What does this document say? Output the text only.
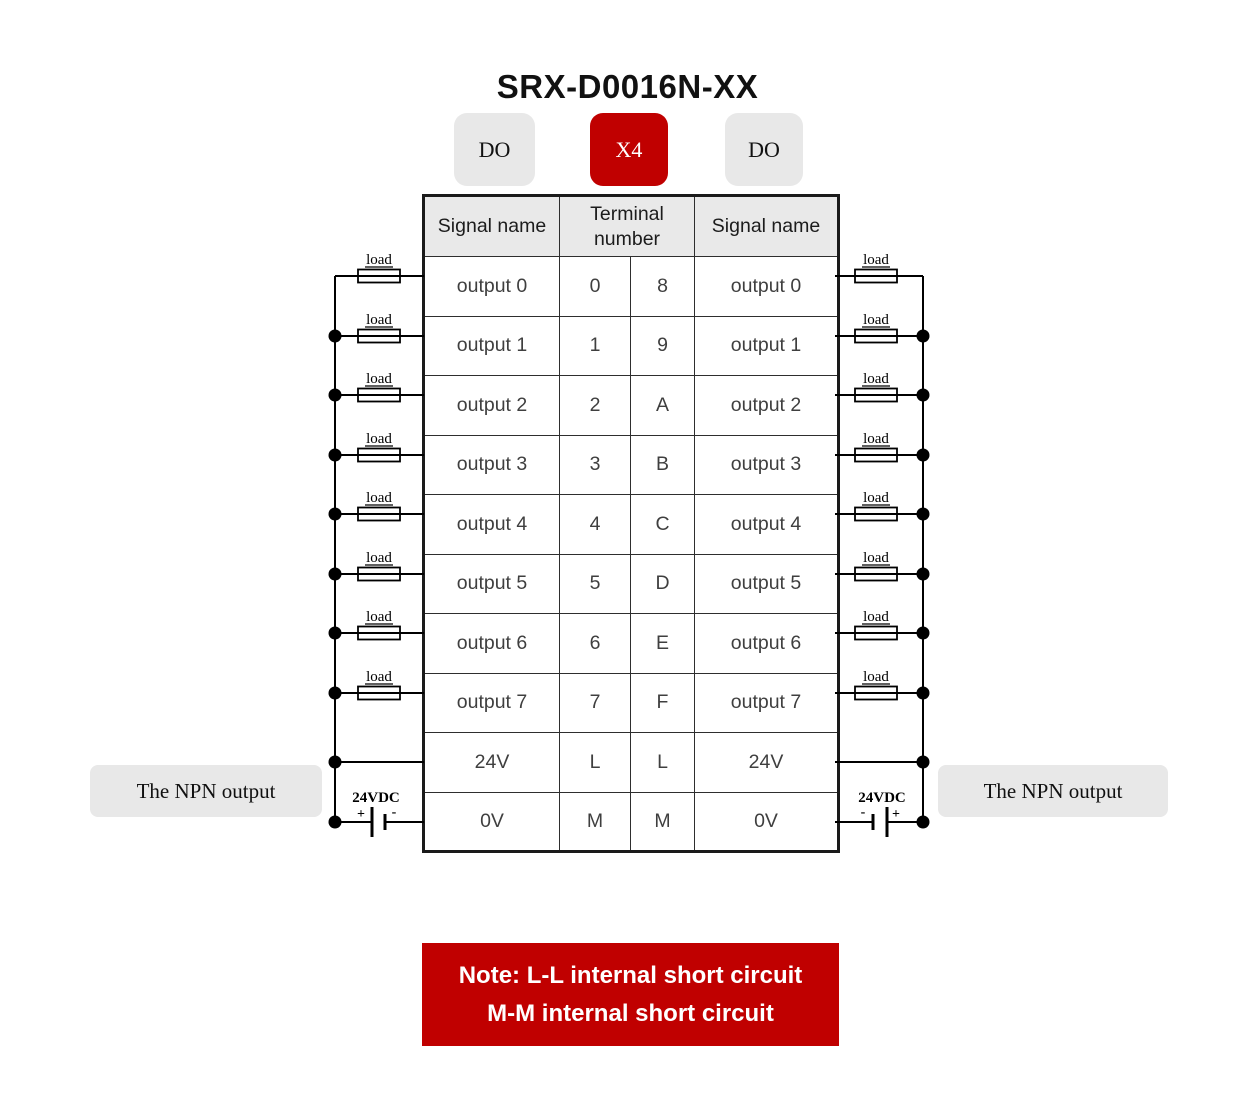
SRX-D0016N-XX
DO	X4	DO
Signal name	Terminal number		Signal name
output 0	0	8	output 0
output 1	1	9	output 1
output 2	2	A	output 2
output 3	3	B	output 3
output 4	4	C	output 4
output 5	5	D	output 5
output 6	6	E	output 6
output 7	7	F	output 7
24V	L	L	24V
0V	M	M	0V
load
load
load
load
load
load
load
load
+ -
24VDC
load
load
load
load
load
load
load
load
- +
24VDC
The NPN output	The NPN output
Note: L-L internal short circuit
M-M internal short circuit
